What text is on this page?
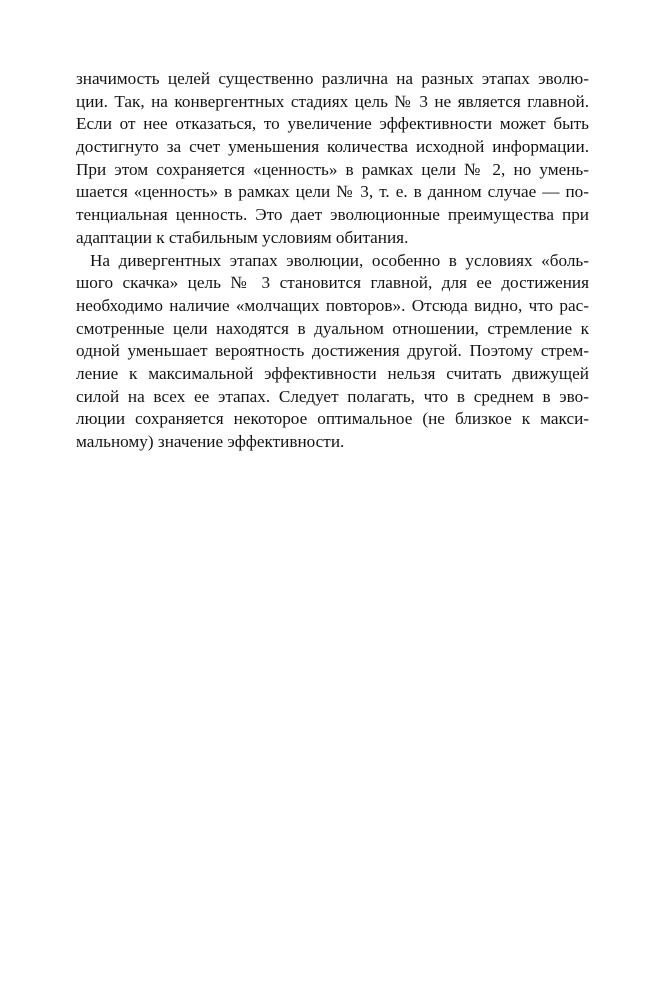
значимость целей существенно различна на разных этапах эволю-
ции. Так, на конвергентных стадиях цель № 3 не является главной.
Если от нее отказаться, то увеличение эффективности может быть
достигнуто за счет уменьшения количества исходной информации.
При этом сохраняется «ценность» в рамках цели № 2, но умень-
шается «ценность» в рамках цели № 3, т. е. в данном случае — по-
тенциальная ценность. Это дает эволюционные преимущества при
адаптации к стабильным условиям обитания.
На дивергентных этапах эволюции, особенно в условиях «боль-
шого скачка» цель № 3 становится главной, для ее достижения
необходимо наличие «молчащих повторов». Отсюда видно, что рас-
смотренные цели находятся в дуальном отношении, стремление к
одной уменьшает вероятность достижения другой. Поэтому стрем-
ление к максимальной эффективности нельзя считать движущей
силой на всех ее этапах. Следует полагать, что в среднем в эво-
люции сохраняется некоторое оптимальное (не близкое к макси-
мальному) значение эффективности.
